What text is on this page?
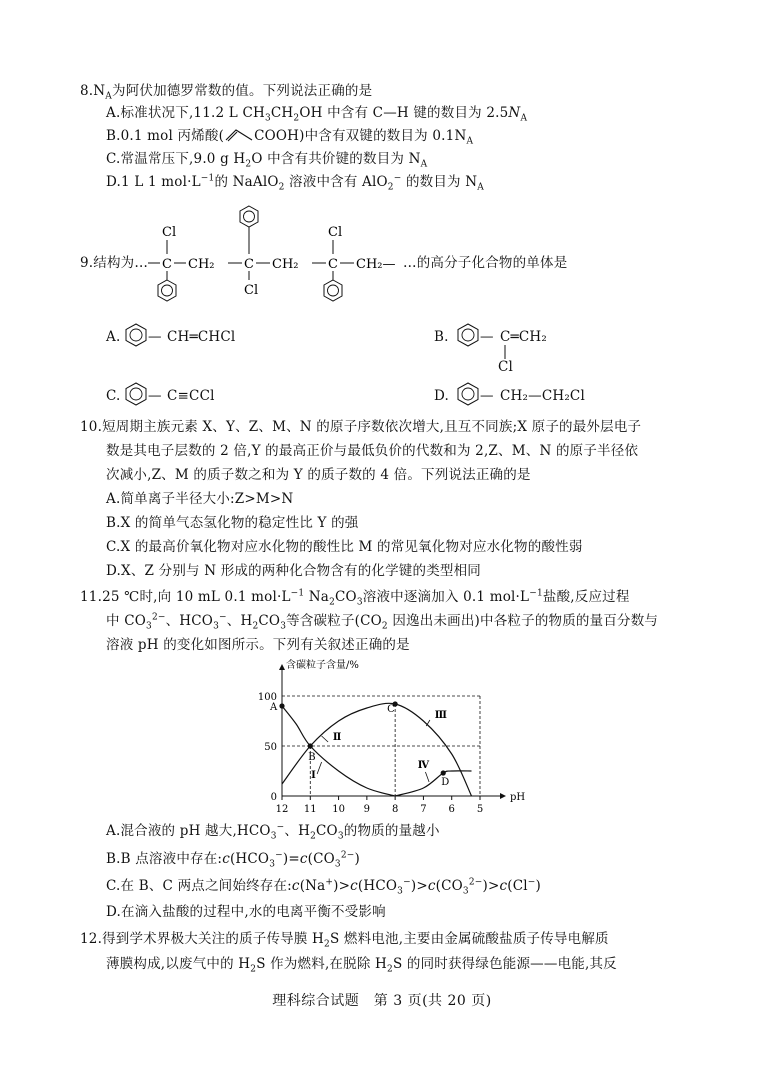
$8.N_A$为阿伏加德罗常数的值。下列说法正确的是
A.标准状况下,11.2 L $CH_3CH_2OH$ 中含有 C—H 键的数目为 $2.5N_A$
B.0.1 mol 丙烯酸( COOH)中含有双键的数目为 $0.1N_A$
C.常温常压下,9.0 g $H_2O$ 中含有共价键的数目为 $N_A$
D.1 L 1 $mol\cdot L^{-1}$的 NaAlO$_2$ 溶液中含有 AlO$_2$− 的数目为 $N_A$
9.结构为… C CH₂ C CH₂ C CH₂—
Cl
Cl
Cl
…的高分子化合物的单体是
A. — CH═CHCl	B. — C═CH₂
Cl
C. — C≡CCl	D. — CH₂—CH₂Cl
10.短周期主族元素 X、Y、Z、M、N 的原子序数依次增大,且互不同族;X 原子的最外层电子
数是其电子层数的 2 倍,Y 的最高正价与最低负价的代数和为 2,Z、M、N 的原子半径依
次减小,Z、M 的质子数之和为 Y 的质子数的 4 倍。下列说法正确的是
A.简单离子半径大小:Z>M>N
B.X 的简单气态氢化物的稳定性比 Y 的强
C.X 的最高价氧化物对应水化物的酸性比 M 的常见氧化物对应水化物的酸性弱
D.X、Z 分别与 N 形成的两种化合物含有的化学键的类型相同
11.25 ℃时,向 10 mL 0.1 $mol\cdot L^{-1}$ $Na_2CO_3$溶液中逐滴加入 0.1 $mol\cdot L^{-1}$盐酸,反应过程
中 $CO_3^{2-}$、$HCO_3^-$、$H_2CO_3$等含碳粒子($CO_2$ 因逸出未画出)中各粒子的物质的量百分数与
溶液 pH 的变化如图所示。下列有关叙述正确的是
12 11 10 9 8 7 6 5
0
50
100
含碳粒子含量/%
pH
A
B
C
D
Ⅰ
Ⅱ
Ⅲ
Ⅳ
A.混合液的 pH 越大$,HCO_3^-$、$H_2CO_3$的物质的量越小
B.B 点溶液中存在$:c(HCO_3^-)=c(CO_3^{2-})$
C.在 B、C 两点之间始终存在$:c(Na^+)>c(HCO_3^-)>c(CO_3^{2-})>c(Cl^-)$
D.在滴入盐酸的过程中,水的电离平衡不受影响
12.得到学术界极大关注的质子传导膜 $H_2S$ 燃料电池,主要由金属硫酸盐质子传导电解质
薄膜构成,以废气中的 $H_2S$ 作为燃料,在脱除 $H_2S$ 的同时获得绿色能源——电能,其反
理科综合试题　第 3 页(共 20 页)
